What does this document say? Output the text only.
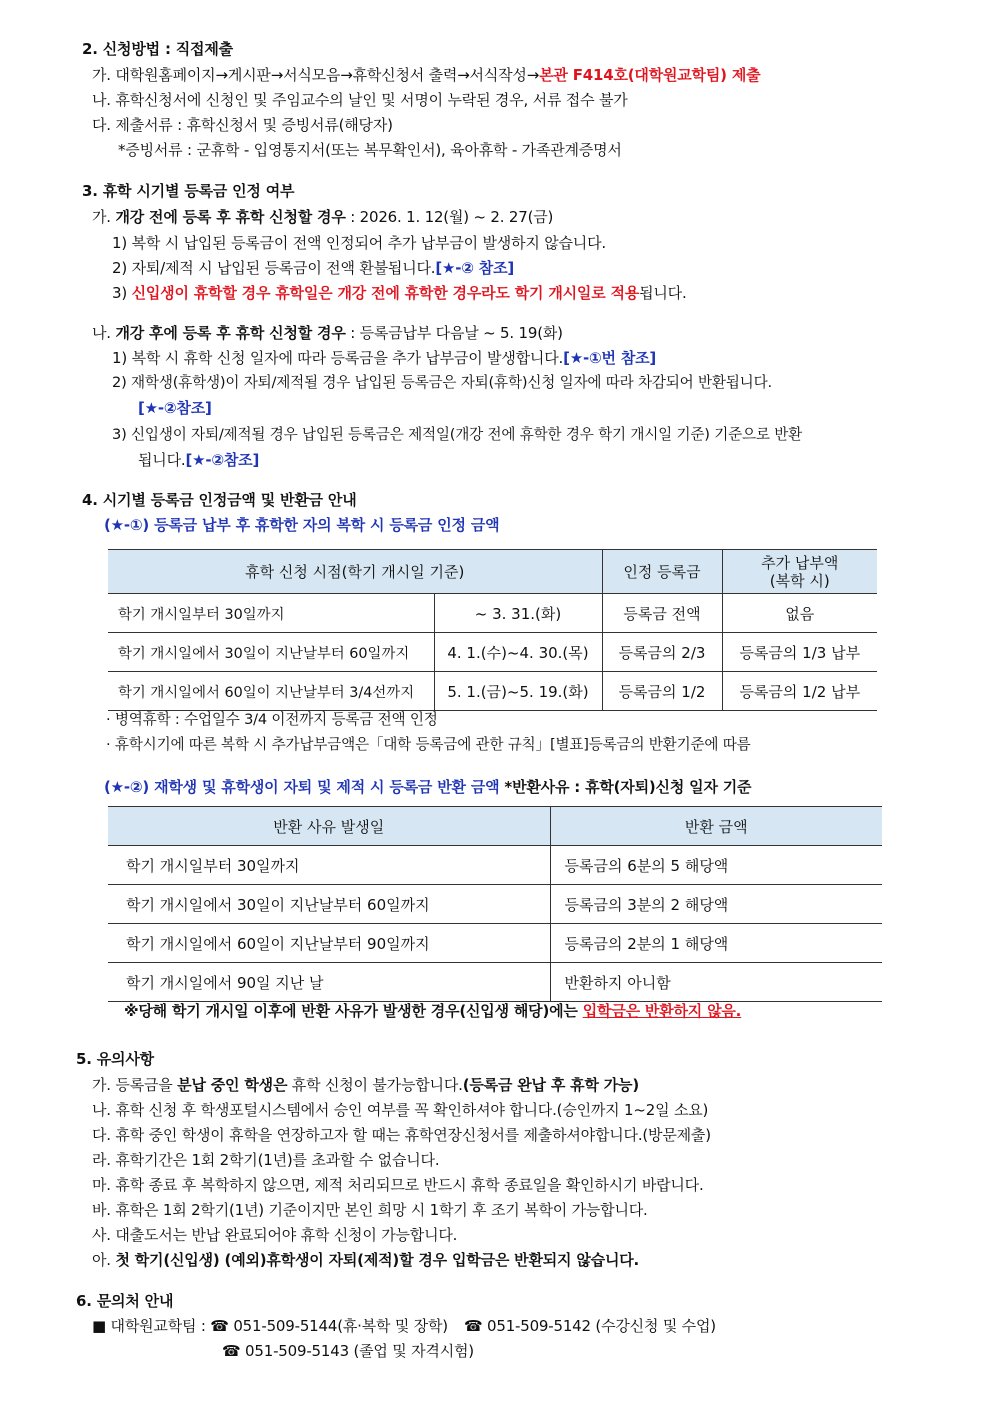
2. 신청방법 : 직접제출
가. 대학원홈페이지→게시판→서식모음→휴학신청서 출력→서식작성→본관 F414호(대학원교학팀) 제출
나. 휴학신청서에 신청인 및 주임교수의 날인 및 서명이 누락된 경우, 서류 접수 불가
다. 제출서류 : 휴학신청서 및 증빙서류(해당자)
*증빙서류 : 군휴학 - 입영통지서(또는 복무확인서), 육아휴학 - 가족관계증명서
3. 휴학 시기별 등록금 인정 여부
가. 개강 전에 등록 후 휴학 신청할 경우 : 2026. 1. 12(월) ~ 2. 27(금)
1) 복학 시 납입된 등록금이 전액 인정되어 추가 납부금이 발생하지 않습니다.
2) 자퇴/제적 시 납입된 등록금이 전액 환불됩니다.[★-② 참조]
3) 신입생이 휴학할 경우 휴학일은 개강 전에 휴학한 경우라도 학기 개시일로 적용됩니다.
나. 개강 후에 등록 후 휴학 신청할 경우 : 등록금납부 다음날 ~ 5. 19(화)
1) 복학 시 휴학 신청 일자에 따라 등록금을 추가 납부금이 발생합니다.[★-①번 참조]
2) 재학생(휴학생)이 자퇴/제적될 경우 납입된 등록금은 자퇴(휴학)신청 일자에 따라 차감되어 반환됩니다.
[★-②참조]
3) 신입생이 자퇴/제적될 경우 납입된 등록금은 제적일(개강 전에 휴학한 경우 학기 개시일 기준) 기준으로 반환
됩니다.[★-②참조]
4. 시기별 등록금 인정금액 및 반환금 안내
(★-①) 등록금 납부 후 휴학한 자의 복학 시 등록금 인정 금액
휴학 신청 시점(학기 개시일 기준)		인정 등록금	추가 납부액
(복학 시)

학기 개시일부터 30일까지	~ 3. 31.(화)	등록금 전액	없음
학기 개시일에서 30일이 지난날부터 60일까지	4. 1.(수)~4. 30.(목)	등록금의 2/3	등록금의 1/3 납부
학기 개시일에서 60일이 지난날부터 3/4선까지	5. 1.(금)~5. 19.(화)	등록금의 1/2	등록금의 1/2 납부
· 병역휴학 : 수업일수 3/4 이전까지 등록금 전액 인정
· 휴학시기에 따른 복학 시 추가납부금액은「대학 등록금에 관한 규칙」[별표]등록금의 반환기준에 따름
(★-②) 재학생 및 휴학생이 자퇴 및 제적 시 등록금 반환 금액 *반환사유 : 휴학(자퇴)신청 일자 기준
반환 사유 발생일	반환 금액
학기 개시일부터 30일까지	등록금의 6분의 5 해당액
학기 개시일에서 30일이 지난날부터 60일까지	등록금의 3분의 2 해당액
학기 개시일에서 60일이 지난날부터 90일까지	등록금의 2분의 1 해당액
학기 개시일에서 90일 지난 날	반환하지 아니함
※당해 학기 개시일 이후에 반환 사유가 발생한 경우(신입생 해당)에는 입학금은 반환하지 않음.
5. 유의사항
가. 등록금을 분납 중인 학생은 휴학 신청이 불가능합니다.(등록금 완납 후 휴학 가능)
나. 휴학 신청 후 학생포털시스템에서 승인 여부를 꼭 확인하셔야 합니다.(승인까지 1~2일 소요)
다. 휴학 중인 학생이 휴학을 연장하고자 할 때는 휴학연장신청서를 제출하셔야합니다.(방문제출)
라. 휴학기간은 1회 2학기(1년)를 초과할 수 없습니다.
마. 휴학 종료 후 복학하지 않으면, 제적 처리되므로 반드시 휴학 종료일을 확인하시기 바랍니다.
바. 휴학은 1회 2학기(1년) 기준이지만 본인 희망 시 1학기 후 조기 복학이 가능합니다.
사. 대출도서는 반납 완료되어야 휴학 신청이 가능합니다.
아. 첫 학기(신입생) (예외)휴학생이 자퇴(제적)할 경우 입학금은 반환되지 않습니다.
6. 문의처 안내
■ 대학원교학팀 : ☎ 051-509-5144(휴·복학 및 장학) ☎ 051-509-5142 (수강신청 및 수업)
☎ 051-509-5143 (졸업 및 자격시험)
